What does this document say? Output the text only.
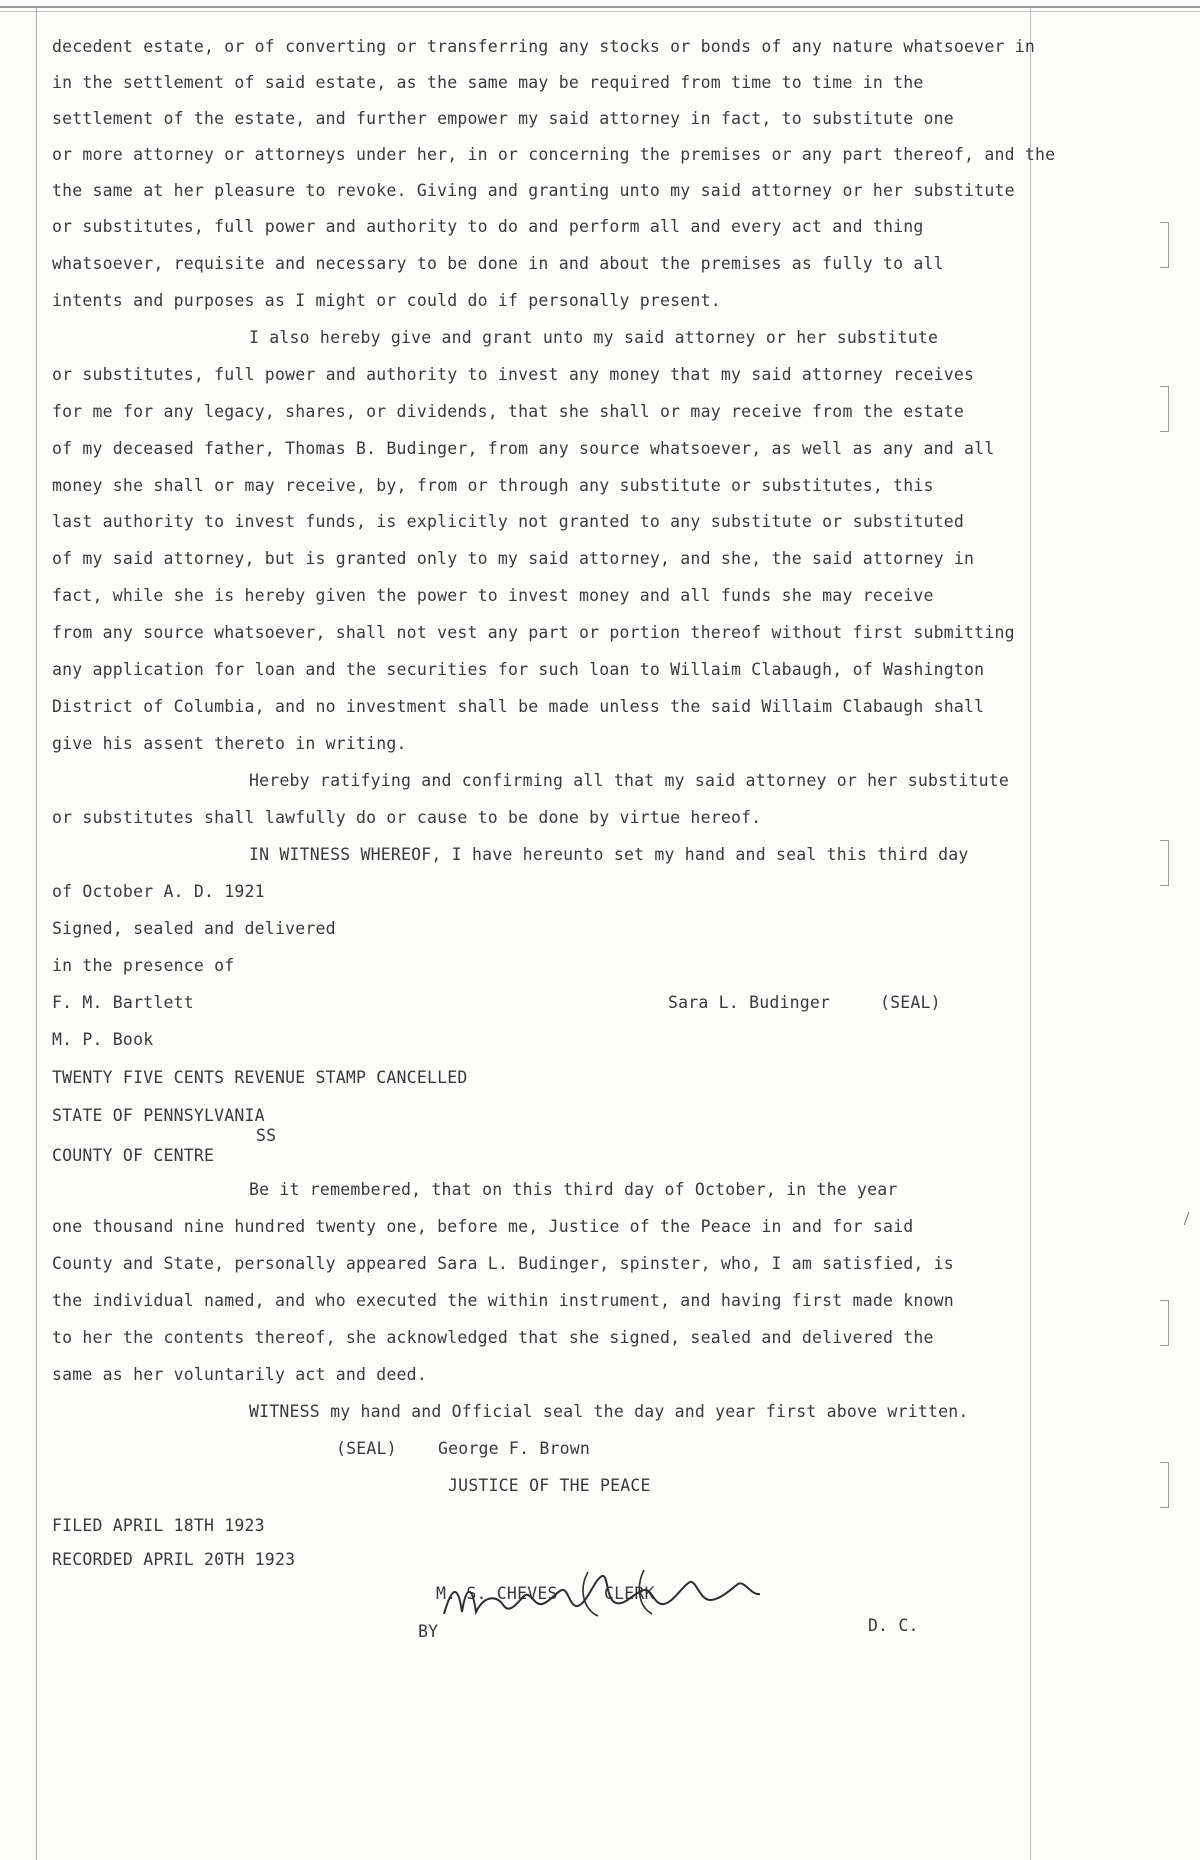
decedent estate, or of converting or transferring any stocks or bonds of any nature whatsoever in
in the settlement of said estate, as the same may be required from time to time in the
settlement of the estate, and further empower my said attorney in fact, to substitute one
or more attorney or attorneys under her, in or concerning the premises or any part thereof, and the
the same at her pleasure to revoke. Giving and granting unto my said attorney or her substitute
or substitutes, full power and authority to do and perform all and every act and thing
whatsoever, requisite and necessary to be done in and about the premises as fully to all
intents and purposes as I might or could do if personally present.
I also hereby give and grant unto my said attorney or her substitute
or substitutes, full power and authority to invest any money that my said attorney receives
for me for any legacy, shares, or dividends, that she shall or may receive from the estate
of my deceased father, Thomas B. Budinger, from any source whatsoever, as well as any and all
money she shall or may receive, by, from or through any substitute or substitutes, this
last authority to invest funds, is explicitly not granted to any substitute or substituted
of my said attorney, but is granted only to my said attorney, and she, the said attorney in
fact, while she is hereby given the power to invest money and all funds she may receive
from any source whatsoever, shall not vest any part or portion thereof without first submitting
any application for loan and the securities for such loan to Willaim Clabaugh, of Washington
District of Columbia, and no investment shall be made unless the said Willaim Clabaugh shall
give his assent thereto in writing.
Hereby ratifying and confirming all that my said attorney or her substitute
or substitutes shall lawfully do or cause to be done by virtue hereof.
IN WITNESS WHEREOF, I have hereunto set my hand and seal this third day
of October A. D. 1921
Signed, sealed and delivered
in the presence of
F. M. Bartlett	Sara L. Budinger	(SEAL)
M. P. Book
TWENTY FIVE CENTS REVENUE STAMP CANCELLED
STATE OF PENNSYLVANIA
SS
COUNTY OF CENTRE
Be it remembered, that on this third day of October, in the year
one thousand nine hundred twenty one, before me, Justice of the Peace in and for said
County and State, personally appeared Sara L. Budinger, spinster, who, I am satisfied, is
the individual named, and who executed the within instrument, and having first made known
to her the contents thereof, she acknowledged that she signed, sealed and delivered the
same as her voluntarily act and deed.
WITNESS my hand and Official seal the day and year first above written.
(SEAL) George F. Brown
JUSTICE OF THE PEACE
FILED APRIL 18TH 1923
RECORDED APRIL 20TH 1923
M. S. CHEVES	CLERK
BY	D. C.
